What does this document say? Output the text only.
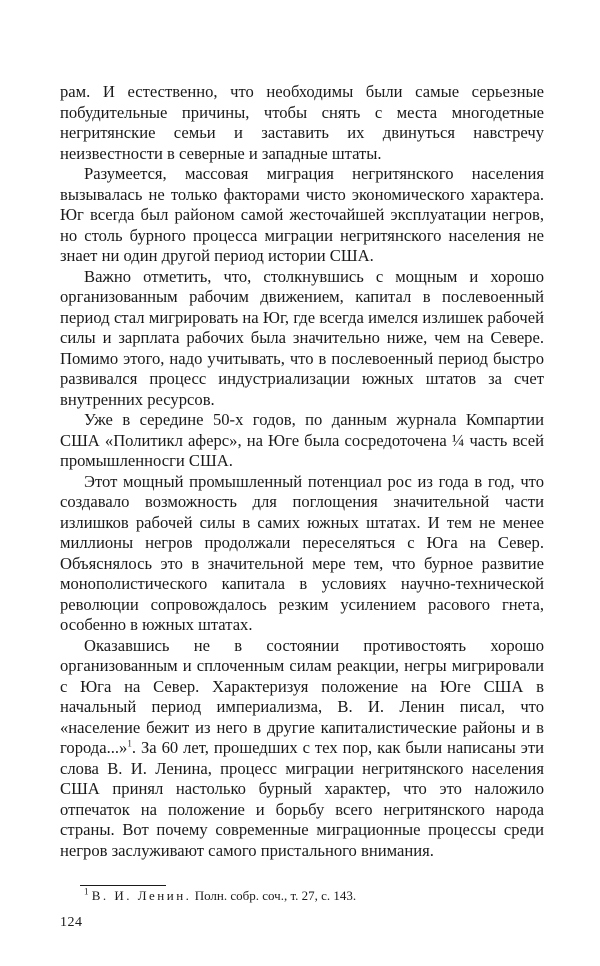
рам. И естественно, что необходимы были самые серьезные побудительные причины, чтобы снять с места многодетные негритянские семьи и заставить их двинуться навстречу неизвестности в северные и западные штаты.

Разумеется, массовая миграция негритянского населения вызывалась не только факторами чисто экономического характера. Юг всегда был районом самой жесточайшей эксплуатации негров, но столь бурного процесса миграции негритянского населения не знает ни один другой период истории США.

Важно отметить, что, столкнувшись с мощным и хорошо организованным рабочим движением, капитал в послевоенный период стал мигрировать на Юг, где всегда имелся излишек рабочей силы и зарплата рабочих была значительно ниже, чем на Севере. Помимо этого, надо учитывать, что в послевоенный период быстро развивался процесс индустриализации южных штатов за счет внутренних ресурсов.

Уже в середине 50-х годов, по данным журнала Компартии США «Политикл аферс», на Юге была сосредоточена ¼ часть всей промышленносги США.

Этот мощный промышленный потенциал рос из года в год, что создавало возможность для поглощения значительной части излишков рабочей силы в самих южных штатах. И тем не менее миллионы негров продолжали переселяться с Юга на Север. Объяснялось это в значительной мере тем, что бурное развитие монополистического капитала в условиях научно-технической революции сопровождалось резким усилением расового гнета, особенно в южных штатах.

Оказавшись не в состоянии противостоять хорошо организованным и сплоченным силам реакции, негры мигрировали с Юга на Север. Характеризуя положение на Юге США в начальный период империализма, В. И. Ленин писал, что «население бежит из него в другие капиталистические районы и в города...»$^1$. За 60 лет, прошедших с тех пор, как были написаны эти слова В. И. Ленина, процесс миграции негритянского населения США принял настолько бурный характер, что это наложило отпечаток на положение и борьбу всего негритянского народа страны. Вот почему современные миграционные процессы среди негров заслуживают самого пристального внимания.

$^1$ В. И. Ленин. Полн. собр. соч., т. 27, с. 143.
124
